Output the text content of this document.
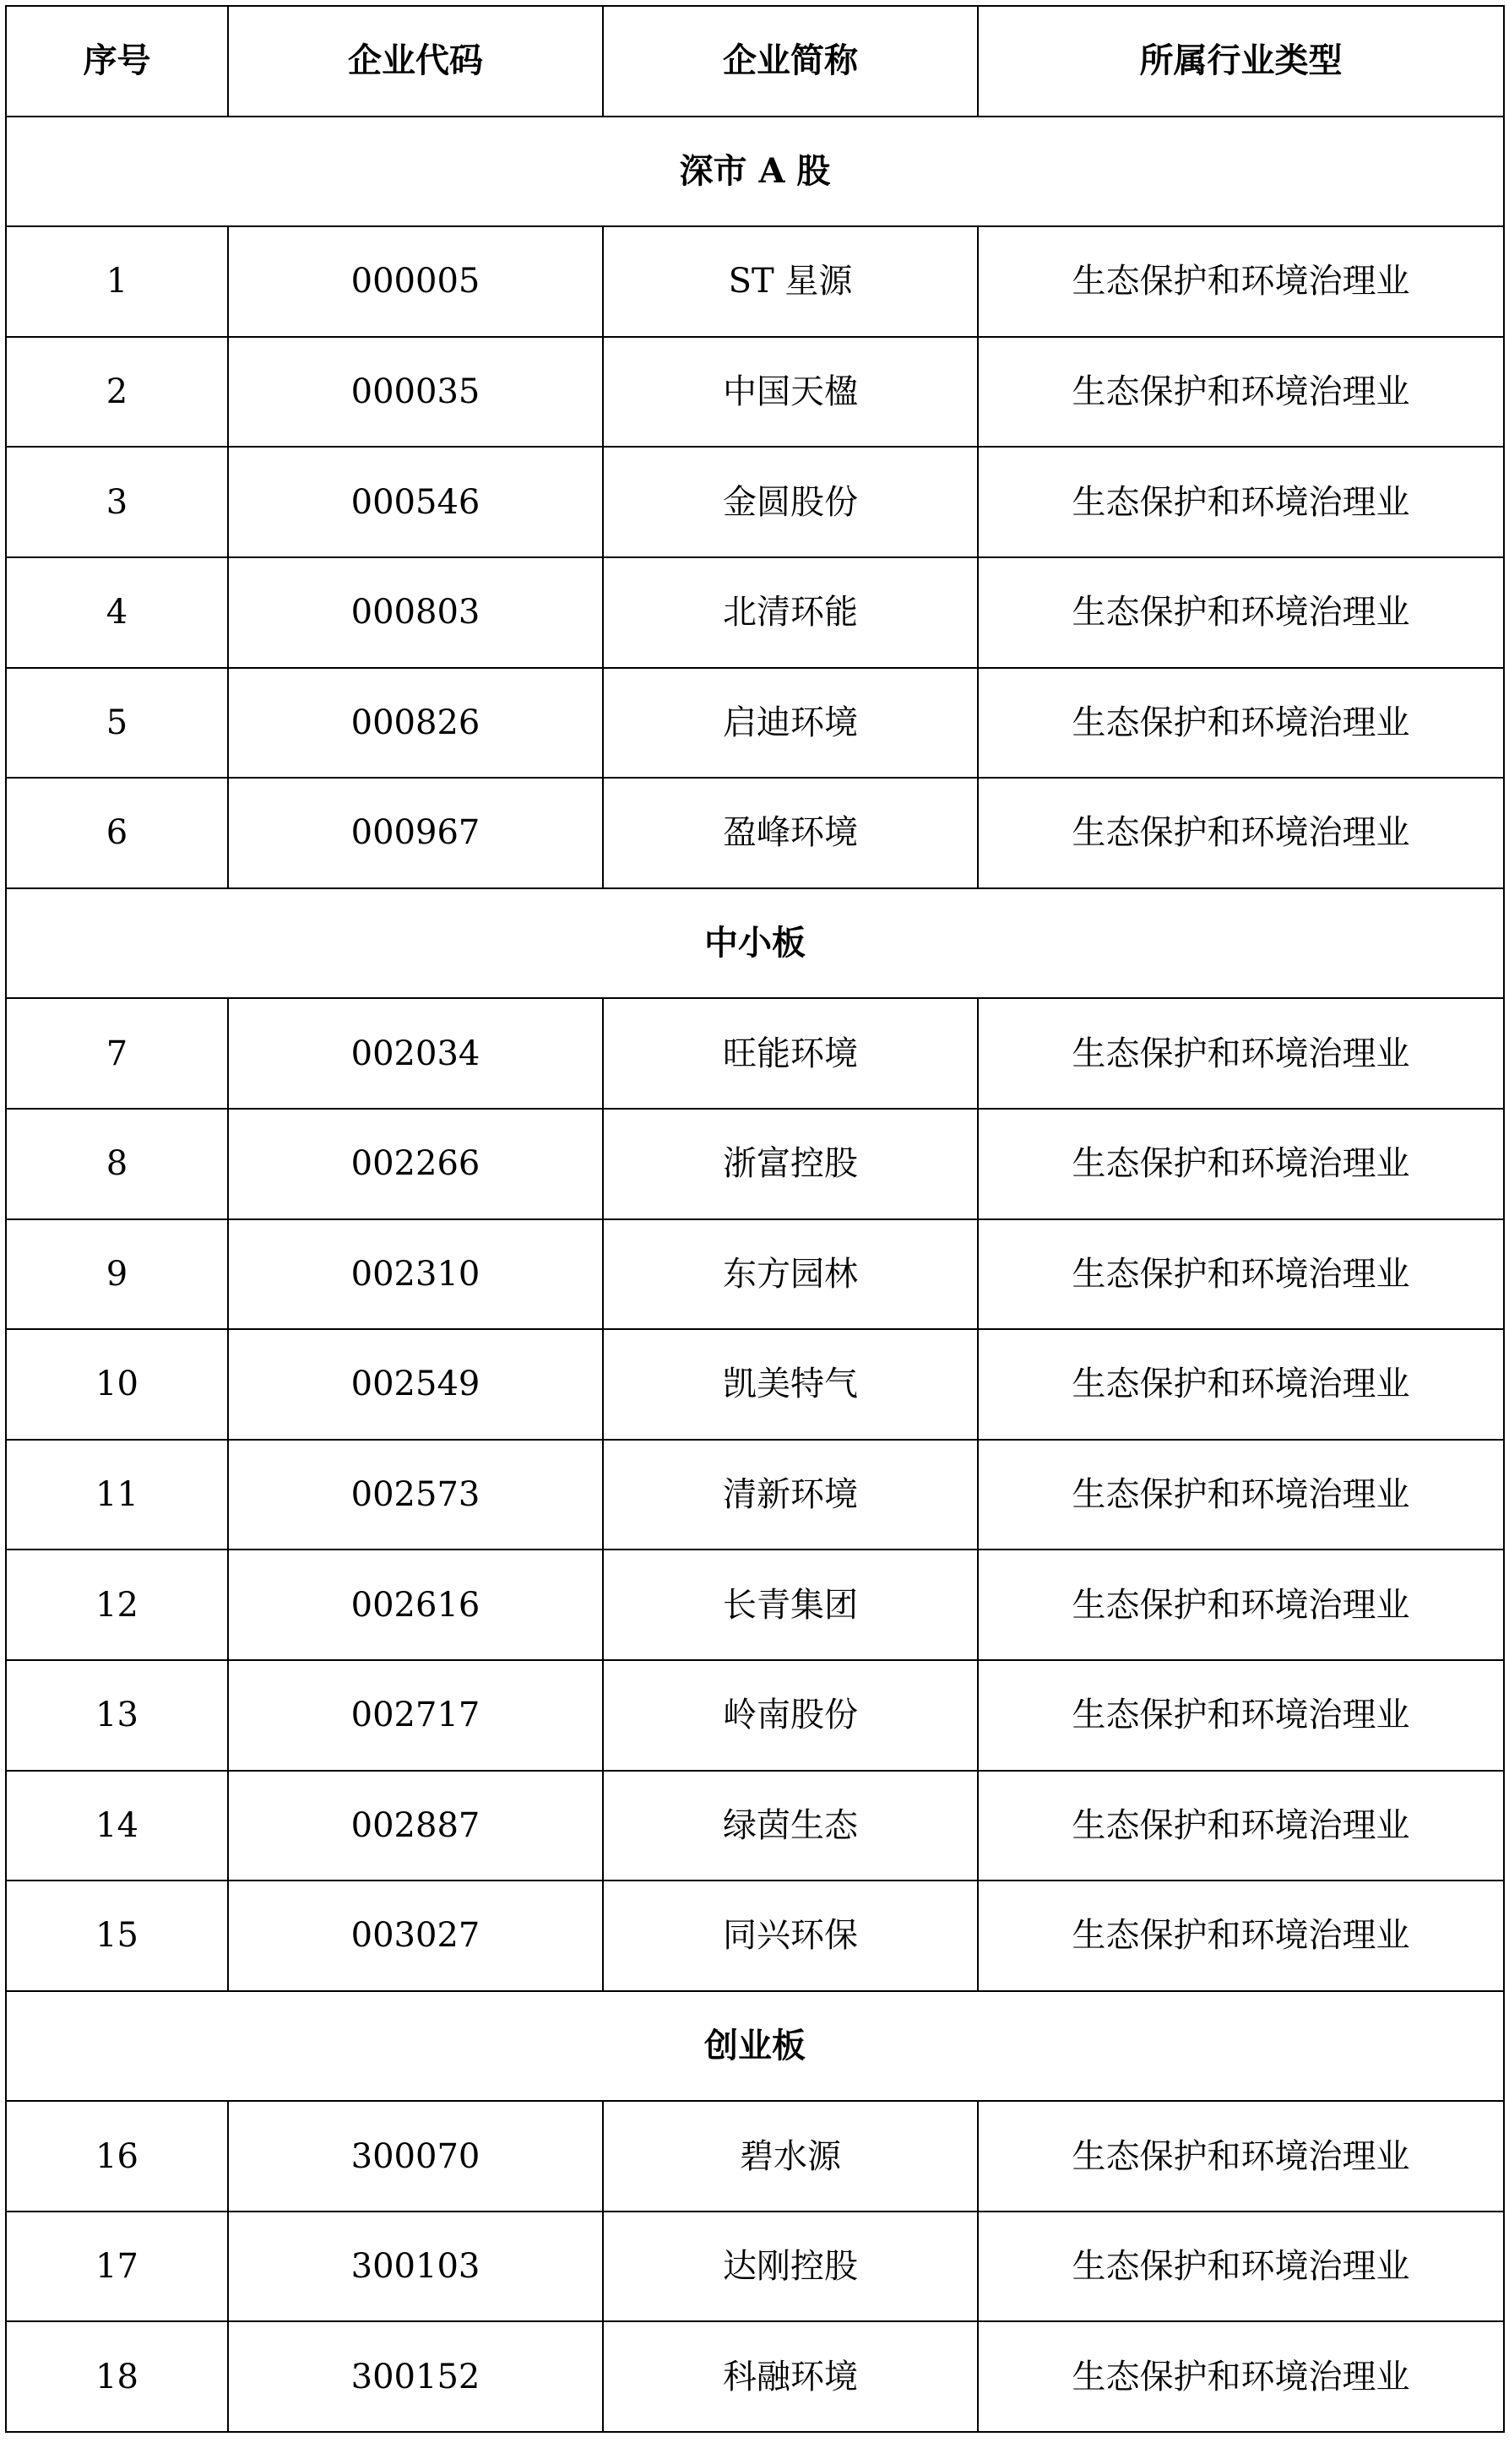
序号	企业代码	企业简称	所属行业类型
深市 A 股			
1	000005	ST 星源	生态保护和环境治理业
2	000035	中国天楹	生态保护和环境治理业
3	000546	金圆股份	生态保护和环境治理业
4	000803	北清环能	生态保护和环境治理业
5	000826	启迪环境	生态保护和环境治理业
6	000967	盈峰环境	生态保护和环境治理业
中小板			
7	002034	旺能环境	生态保护和环境治理业
8	002266	浙富控股	生态保护和环境治理业
9	002310	东方园林	生态保护和环境治理业
10	002549	凯美特气	生态保护和环境治理业
11	002573	清新环境	生态保护和环境治理业
12	002616	长青集团	生态保护和环境治理业
13	002717	岭南股份	生态保护和环境治理业
14	002887	绿茵生态	生态保护和环境治理业
15	003027	同兴环保	生态保护和环境治理业
创业板			
16	300070	碧水源	生态保护和环境治理业
17	300103	达刚控股	生态保护和环境治理业
18	300152	科融环境	生态保护和环境治理业
